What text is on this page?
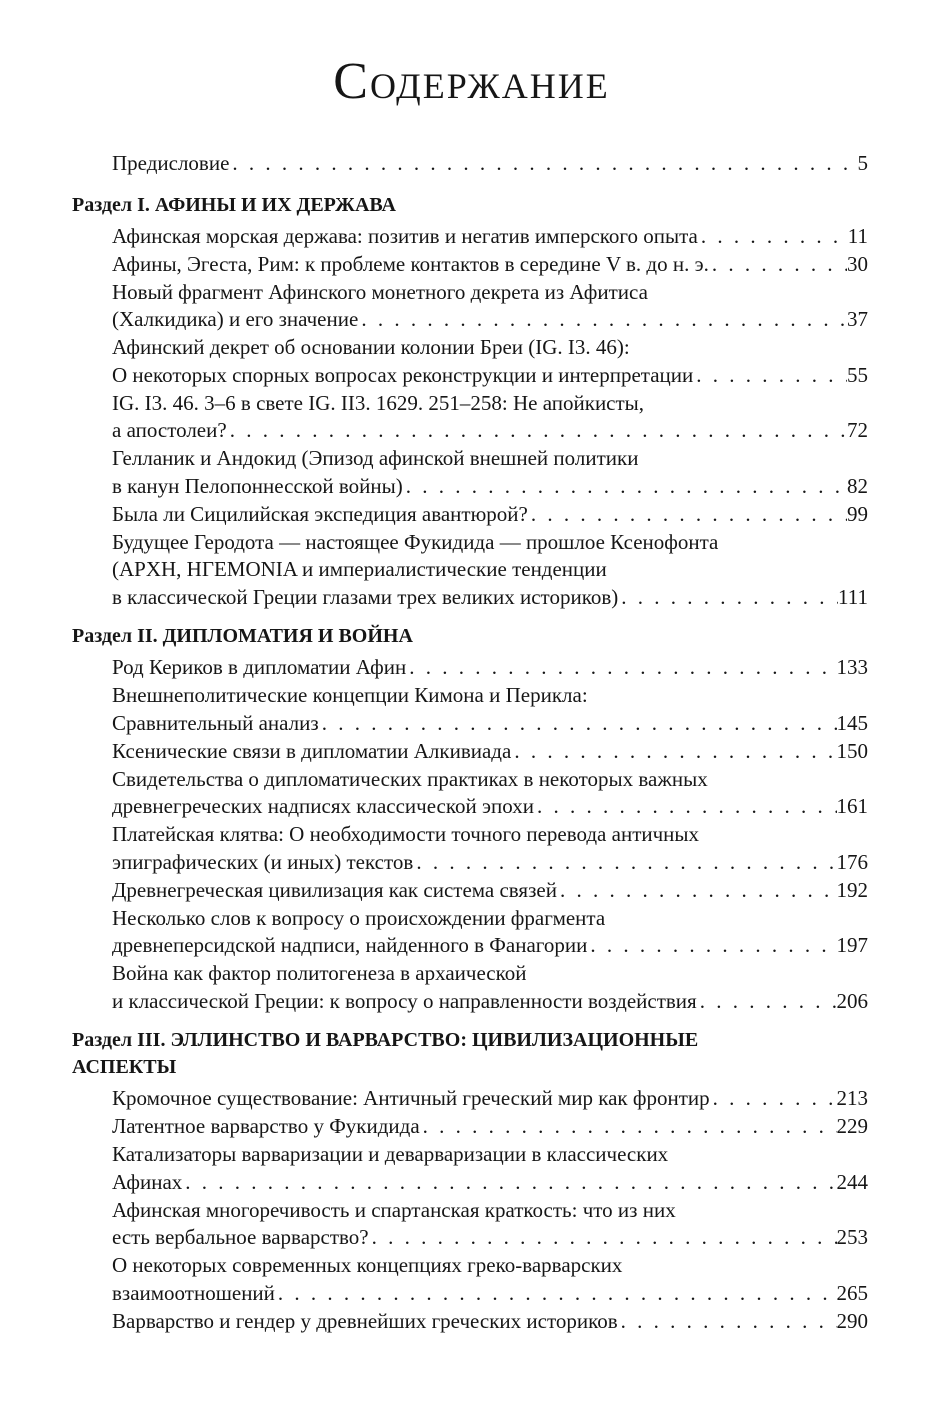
Содержание
Предисловие . . .	5
Раздел I. АФИНЫ И ИХ ДЕРЖАВА
Афинская морская держава: позитив и негатив имперского опыта . . .	11
Афины, Эгеста, Рим: к проблеме контактов в середине V в. до н. э. . . .	30
Новый фрагмент Афинского монетного декрета из Афитиса
(Халкидика) и его значение . . .	37
Афинский декрет об основании колонии Бреи (IG. I3. 46):
О некоторых спорных вопросах реконструкции и интерпретации . . .	55
IG. I3. 46. 3–6 в свете IG. II3. 1629. 251–258: Не апойкисты,
а апостолеи? . . .	72
Гелланик и Андокид (Эпизод афинской внешней политики
в канун Пелопоннесской войны) . . .	82
Была ли Сицилийская экспедиция авантюрой? . . .	99
Будущее Геродота — настоящее Фукидида — прошлое Ксенофонта
(ΑΡΧΗ, ΗΓΕΜΟΝΙΑ и империалистические тенденции
в классической Греции глазами трех великих историков) . . .	111
Раздел II. ДИПЛОМАТИЯ И ВОЙНА
Род Кериков в дипломатии Афин . . .	133
Внешнеполитические концепции Кимона и Перикла:
Сравнительный анализ . . .	145
Ксенические связи в дипломатии Алкивиада . . .	150
Свидетельства о дипломатических практиках в некоторых важных
древнегреческих надписях классической эпохи . . .	161
Платейская клятва: О необходимости точного перевода античных
эпиграфических (и иных) текстов . . .	176
Древнегреческая цивилизация как система связей . . .	192
Несколько слов к вопросу о происхождении фрагмента
древнеперсидской надписи, найденного в Фанагории . . .	197
Война как фактор политогенеза в архаической
и классической Греции: к вопросу о направленности воздействия . . .	206
Раздел III. ЭЛЛИНСТВО И ВАРВАРСТВО: ЦИВИЛИЗАЦИОННЫЕ
АСПЕКТЫ
Кромочное существование: Античный греческий мир как фронтир . . .	213
Латентное варварство у Фукидида . . .	229
Катализаторы варваризации и деварваризации в классических
Афинах . . .	244
Афинская многоречивость и спартанская краткость: что из них
есть вербальное варварство? . . .	253
О некоторых современных концепциях греко-варварских
взаимоотношений . . .	265
Варварство и гендер у древнейших греческих историков . . .	290
